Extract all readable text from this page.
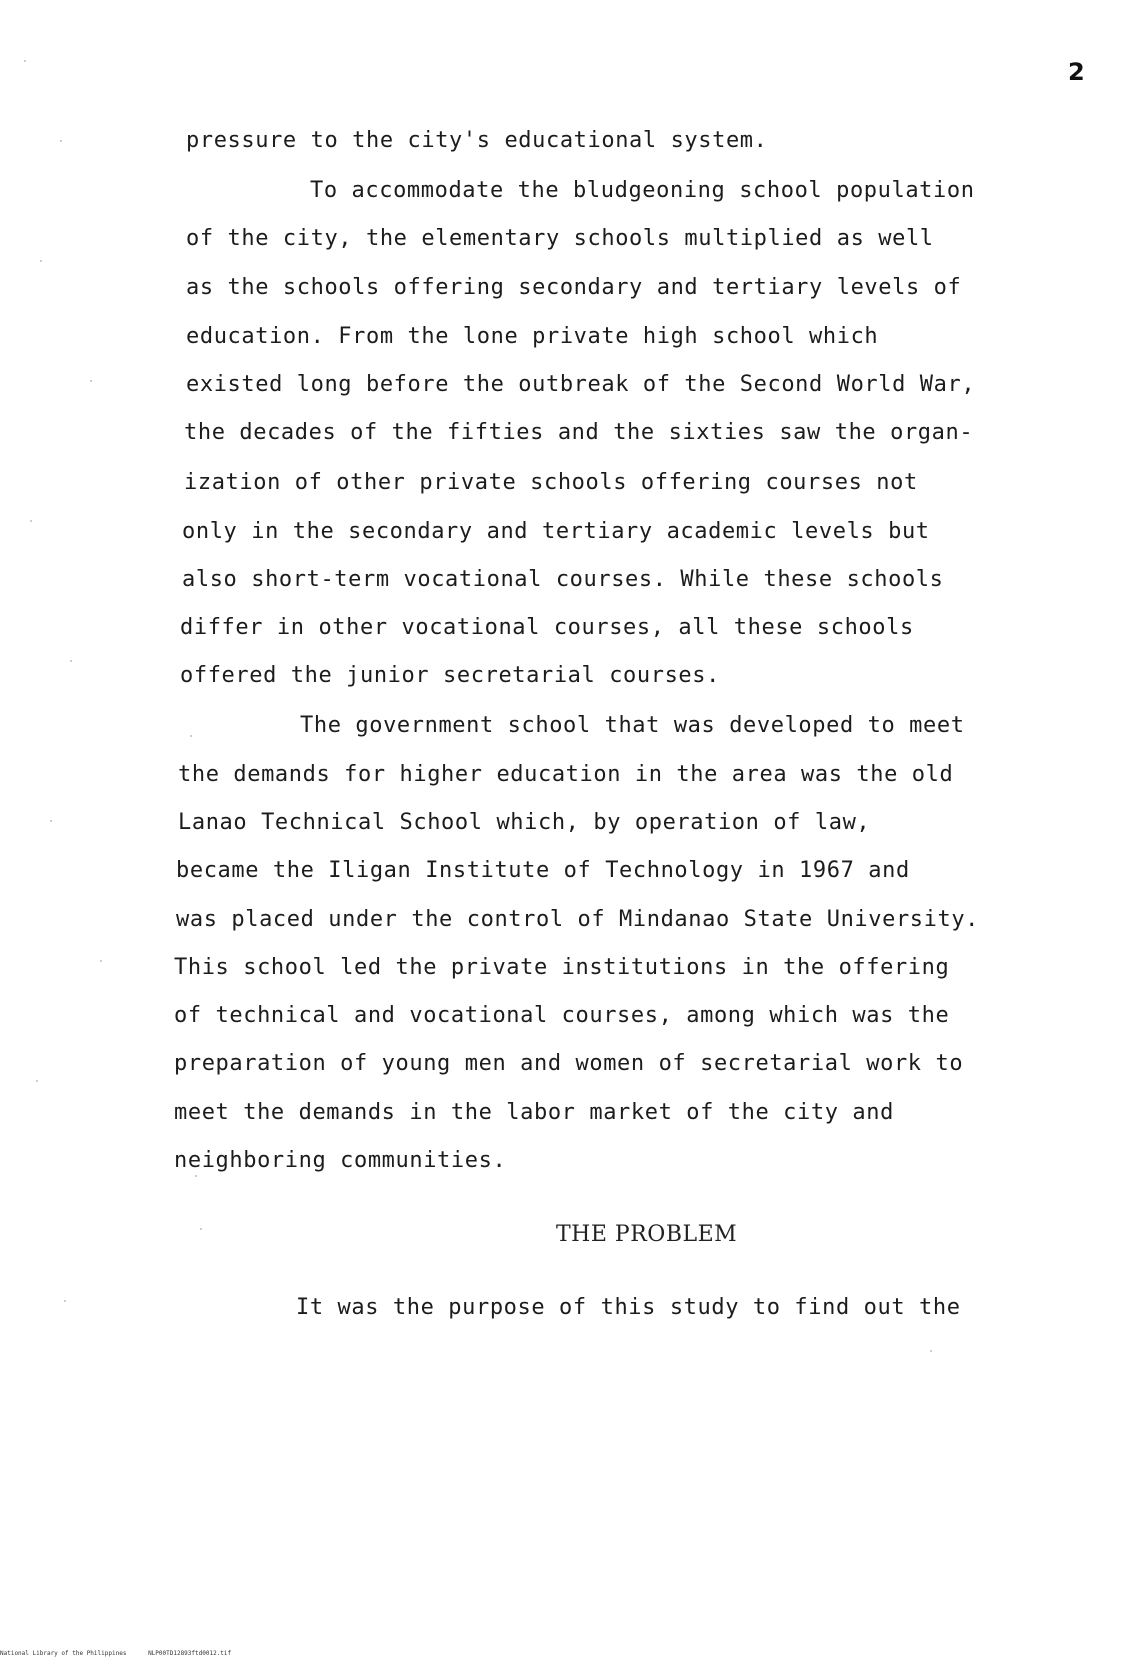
2
pressure to the city's educational system.
To accommodate the bludgeoning school population
of the city, the elementary schools multiplied as well
as the schools offering secondary and tertiary levels of
education. From the lone private high school which
existed long before the outbreak of the Second World War,
the decades of the fifties and the sixties saw the organ-
ization of other private schools offering courses not
only in the secondary and tertiary academic levels but
also short-term vocational courses. While these schools
differ in other vocational courses, all these schools
offered the junior secretarial courses.
The government school that was developed to meet
the demands for higher education in the area was the old
Lanao Technical School which, by operation of law,
became the Iligan Institute of Technology in 1967 and
was placed under the control of Mindanao State University.
This school led the private institutions in the offering
of technical and vocational courses, among which was the
preparation of young men and women of secretarial work to
meet the demands in the labor market of the city and
neighboring communities.
THE PROBLEM
It was the purpose of this study to find out the
National Library of the Philippines	NLP00TD12893ftd0012.tif
